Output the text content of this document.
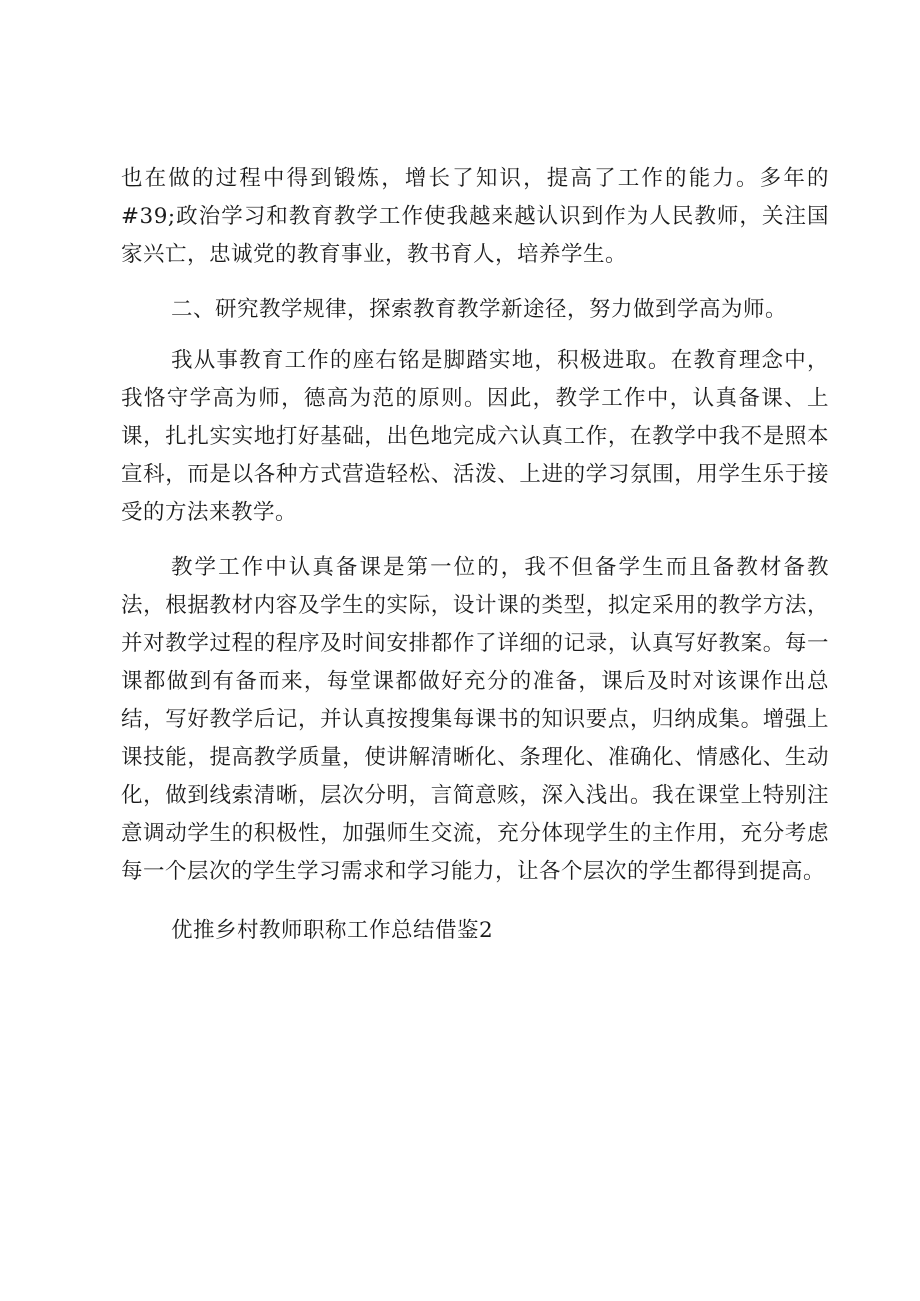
也在做的过程中得到锻炼，增长了知识，提高了工作的能力。多年的#39;政治学习和教育教学工作使我越来越认识到作为人民教师，关注国家兴亡，忠诚党的教育事业，教书育人，培养学生。

二、研究教学规律，探索教育教学新途径，努力做到学高为师。

我从事教育工作的座右铭是脚踏实地，积极进取。在教育理念中，我恪守学高为师，德高为范的原则。因此，教学工作中，认真备课、上课，扎扎实实地打好基础，出色地完成六认真工作，在教学中我不是照本宣科，而是以各种方式营造轻松、活泼、上进的学习氛围，用学生乐于接受的方法来教学。

教学工作中认真备课是第一位的，我不但备学生而且备教材备教法，根据教材内容及学生的实际，设计课的类型，拟定采用的教学方法，并对教学过程的程序及时间安排都作了详细的记录，认真写好教案。每一课都做到有备而来，每堂课都做好充分的准备，课后及时对该课作出总结，写好教学后记，并认真按搜集每课书的知识要点，归纳成集。增强上课技能，提高教学质量，使讲解清晰化、条理化、准确化、情感化、生动化，做到线索清晰，层次分明，言简意赅，深入浅出。我在课堂上特别注意调动学生的积极性，加强师生交流，充分体现学生的主作用，充分考虑每一个层次的学生学习需求和学习能力，让各个层次的学生都得到提高。

优推乡村教师职称工作总结借鉴2
